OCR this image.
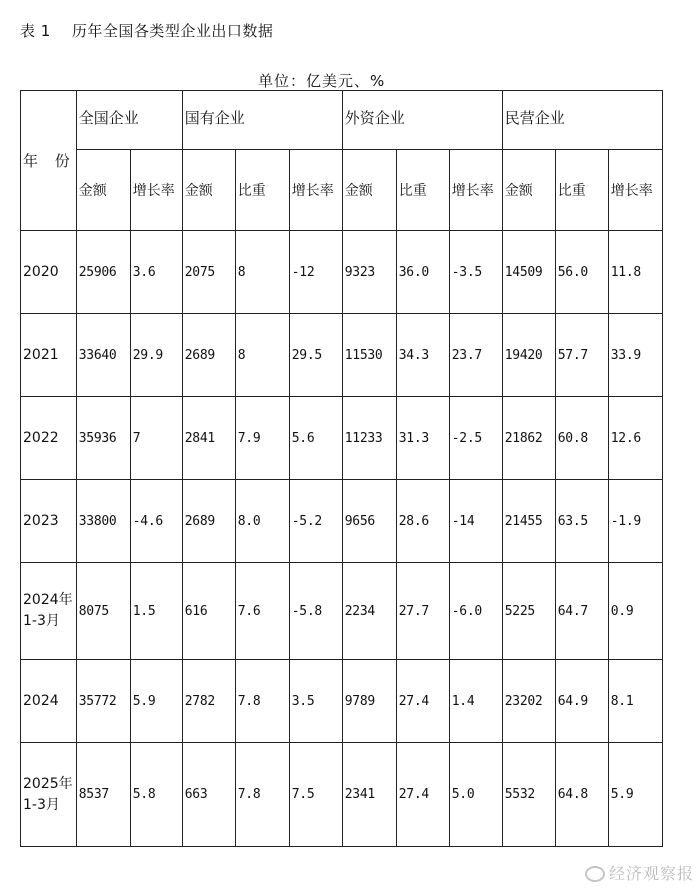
表 1    历年全国各类型企业出口数据
单位：亿美元、%
年 份	全国企业		国有企业			外资企业			民营企业		
	金额	增长率	金额	比重	增长率	金额	比重	增长率	金额	比重	增长率
2020	25906	3.6	2075	8	-12	9323	36.0	-3.5	14509	56.0	11.8
2021	33640	29.9	2689	8	29.5	11530	34.3	23.7	19420	57.7	33.9
2022	35936	7	2841	7.9	5.6	11233	31.3	-2.5	21862	60.8	12.6
2023	33800	-4.6	2689	8.0	-5.2	9656	28.6	-14	21455	63.5	-1.9
2024年1-3月	8075	1.5	616	7.6	-5.8	2234	27.7	-6.0	5225	64.7	0.9
2024	35772	5.9	2782	7.8	3.5	9789	27.4	1.4	23202	64.9	8.1
2025年1-3月	8537	5.8	663	7.8	7.5	2341	27.4	5.0	5532	64.8	5.9
经济观察报
